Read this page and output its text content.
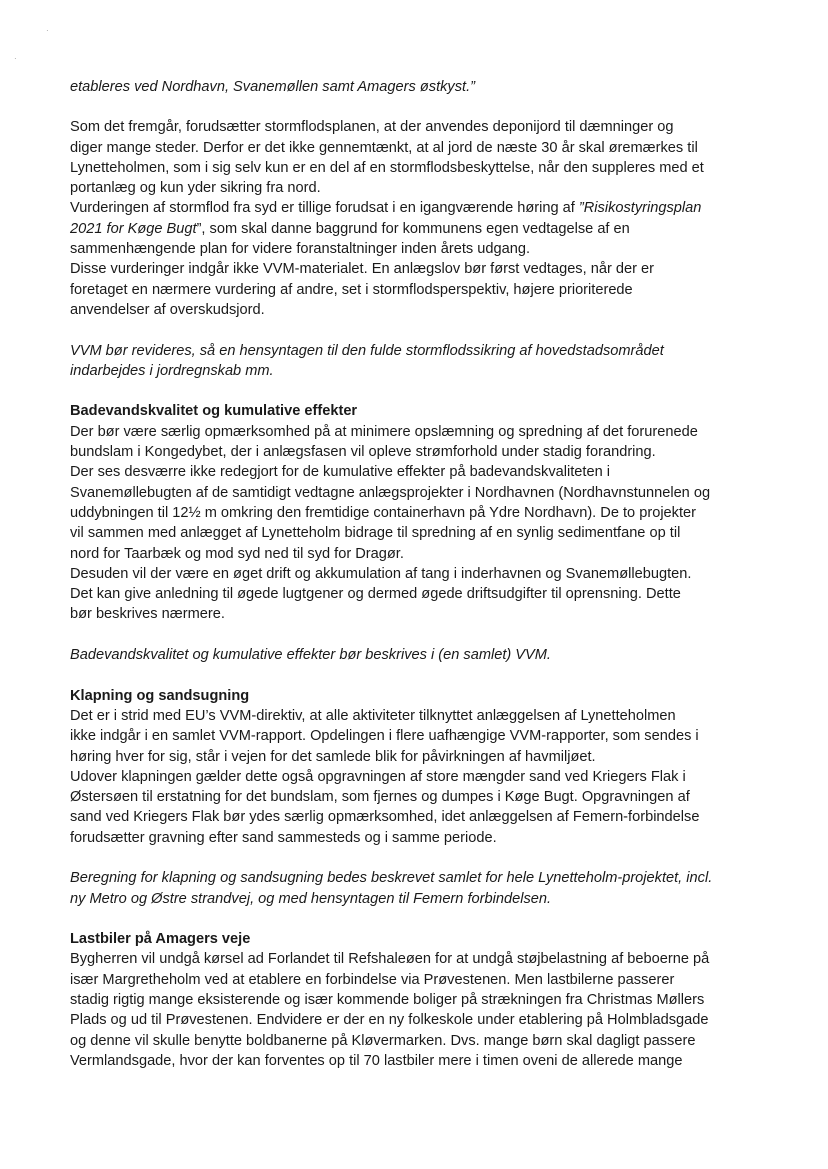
·
·

etableres ved Nordhavn, Svanemøllen samt Amagers østkyst.”

Som det fremgår, forudsætter stormflodsplanen, at der anvendes deponijord til dæmninger og

diger mange steder. Derfor er det ikke gennemtænkt, at al jord de næste 30 år skal øremærkes til

Lynetteholmen, som i sig selv kun er en del af en stormflodsbeskyttelse, når den suppleres med et

portanlæg og kun yder sikring fra nord.

Vurderingen af stormflod fra syd er tillige forudsat i en igangværende høring af ”Risikostyringsplan

2021 for Køge Bugt”, som skal danne baggrund for kommunens egen vedtagelse af en

sammenhængende plan for videre foranstaltninger inden årets udgang.

Disse vurderinger indgår ikke VVM-materialet. En anlægslov bør først vedtages, når der er

foretaget en nærmere vurdering af andre, set i stormflodsperspektiv, højere prioriterede

anvendelser af overskudsjord.

VVM bør revideres, så en hensyntagen til den fulde stormflodssikring af hovedstadsområdet

indarbejdes i jordregnskab mm.

Badevandskvalitet og kumulative effekter

Der bør være særlig opmærksomhed på at minimere opslæmning og spredning af det forurenede

bundslam i Kongedybet, der i anlægsfasen vil opleve strømforhold under stadig forandring.

Der ses desværre ikke redegjort for de kumulative effekter på badevandskvaliteten i

Svanemøllebugten af de samtidigt vedtagne anlægsprojekter i Nordhavnen (Nordhavnstunnelen og

uddybningen til 12½ m omkring den fremtidige containerhavn på Ydre Nordhavn). De to projekter

vil sammen med anlægget af Lynetteholm bidrage til spredning af en synlig sedimentfane op til

nord for Taarbæk og mod syd ned til syd for Dragør.

Desuden vil der være en øget drift og akkumulation af tang i inderhavnen og Svanemøllebugten.

Det kan give anledning til øgede lugtgener og dermed øgede driftsudgifter til oprensning. Dette

bør beskrives nærmere.

Badevandskvalitet og kumulative effekter bør beskrives i (en samlet) VVM.

Klapning og sandsugning

Det er i strid med EU’s VVM-direktiv, at alle aktiviteter tilknyttet anlæggelsen af Lynetteholmen

ikke indgår i en samlet VVM-rapport. Opdelingen i flere uafhængige VVM-rapporter, som sendes i

høring hver for sig, står i vejen for det samlede blik for påvirkningen af havmiljøet.

Udover klapningen gælder dette også opgravningen af store mængder sand ved Kriegers Flak i

Østersøen til erstatning for det bundslam, som fjernes og dumpes i Køge Bugt. Opgravningen af

sand ved Kriegers Flak bør ydes særlig opmærksomhed, idet anlæggelsen af Femern-forbindelse

forudsætter gravning efter sand sammesteds og i samme periode.

Beregning for klapning og sandsugning bedes beskrevet samlet for hele Lynetteholm-projektet, incl.

ny Metro og Østre strandvej, og med hensyntagen til Femern forbindelsen.

Lastbiler på Amagers veje

Bygherren vil undgå kørsel ad Forlandet til Refshaleøen for at undgå støjbelastning af beboerne på

især Margretheholm ved at etablere en forbindelse via Prøvestenen. Men lastbilerne passerer

stadig rigtig mange eksisterende og især kommende boliger på strækningen fra Christmas Møllers

Plads og ud til Prøvestenen. Endvidere er der en ny folkeskole under etablering på Holmbladsgade

og denne vil skulle benytte boldbanerne på Kløvermarken. Dvs. mange børn skal dagligt passere

Vermlandsgade, hvor der kan forventes op til 70 lastbiler mere i timen oveni de allerede mange
